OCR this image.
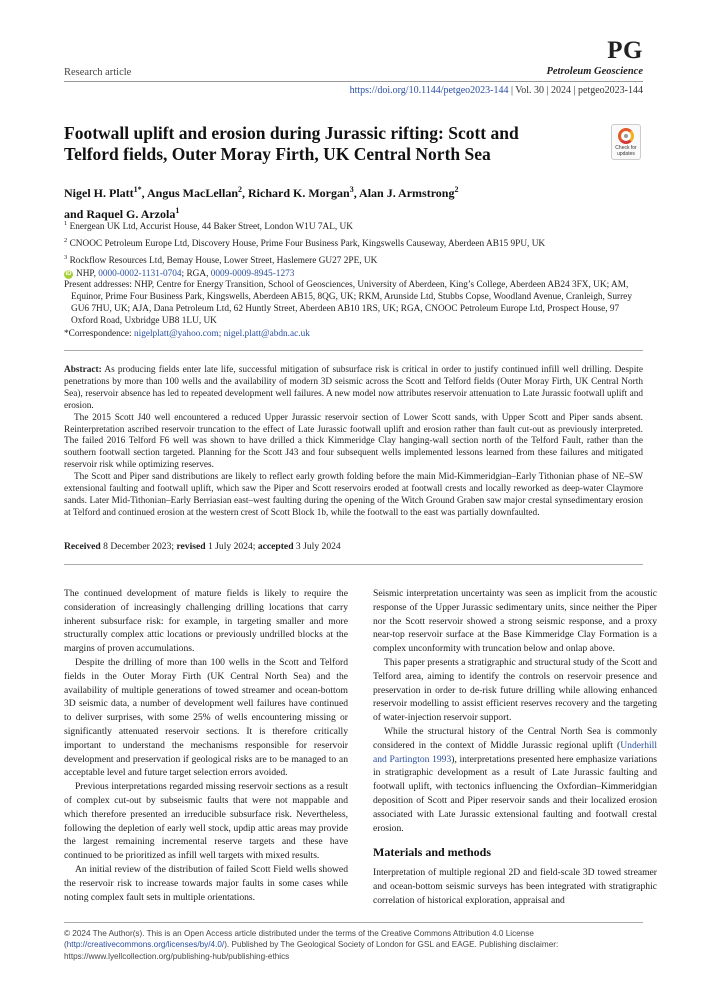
Research article
PG
Petroleum Geoscience
https://doi.org/10.1144/petgeo2023-144 | Vol. 30 | 2024 | petgeo2023-144
Footwall uplift and erosion during Jurassic rifting: Scott and Telford fields, Outer Moray Firth, UK Central North Sea	Check for updates
Nigel H. Platt$^{1*}$, Angus MacLellan$^2$, Richard K. Morgan$^3$, Alan J. Armstrong$^2$
and Raquel G. Arzola$^1$
$^1$ Energean UK Ltd, Accurist House, 44 Baker Street, London W1U 7AL, UK
$^2$ CNOOC Petroleum Europe Ltd, Discovery House, Prime Four Business Park, Kingswells Causeway, Aberdeen AB15 9PU, UK
$^3$ Rockflow Resources Ltd, Bemay House, Lower Street, Haslemere GU27 2PE, UK
iD NHP, 0000-0002-1131-0704; RGA, 0009-0009-8945-1273
Present addresses: NHP, Centre for Energy Transition, School of Geosciences, University of Aberdeen, King’s College, Aberdeen AB24 3FX, UK; AM, Equinor, Prime Four Business Park, Kingswells, Aberdeen AB15, 8QG, UK; RKM, Arunside Ltd, Stubbs Copse, Woodland Avenue, Cranleigh, Surrey GU6 7HU, UK; AJA, Dana Petroleum Ltd, 62 Huntly Street, Aberdeen AB10 1RS, UK; RGA, CNOOC Petroleum Europe Ltd, Prospect House, 97 Oxford Road, Uxbridge UB8 1LU, UK
*Correspondence: nigelplatt@yahoo.com; nigel.platt@abdn.ac.uk

Abstract: As producing fields enter late life, successful mitigation of subsurface risk is critical in order to justify continued infill well drilling. Despite penetrations by more than 100 wells and the availability of modern 3D seismic across the Scott and Telford fields (Outer Moray Firth, UK Central North Sea), reservoir absence has led to repeated development well failures. A new model now attributes reservoir attenuation to Late Jurassic footwall uplift and erosion.

The 2015 Scott J40 well encountered a reduced Upper Jurassic reservoir section of Lower Scott sands, with Upper Scott and Piper sands absent. Reinterpretation ascribed reservoir truncation to the effect of Late Jurassic footwall uplift and erosion rather than fault cut-out as previously interpreted. The failed 2016 Telford F6 well was shown to have drilled a thick Kimmeridge Clay hanging-wall section north of the Telford Fault, rather than the southern footwall section targeted. Planning for the Scott J43 and four subsequent wells implemented lessons learned from these failures and mitigated reservoir risk while optimizing reserves.

The Scott and Piper sand distributions are likely to reflect early growth folding before the main Mid-Kimmeridgian–Early Tithonian phase of NE–SW extensional faulting and footwall uplift, which saw the Piper and Scott reservoirs eroded at footwall crests and locally reworked as deep-water Claymore sands. Later Mid-Tithonian–Early Berriasian east–west faulting during the opening of the Witch Ground Graben saw major crestal synsedimentary erosion at Telford and continued erosion at the western crest of Scott Block 1b, while the footwall to the east was partially downfaulted.

Received 8 December 2023; revised 1 July 2024; accepted 3 July 2024

The continued development of mature fields is likely to require the consideration of increasingly challenging drilling locations that carry inherent subsurface risk: for example, in targeting smaller and more structurally complex attic locations or previously undrilled blocks at the margins of proven accumulations.

Despite the drilling of more than 100 wells in the Scott and Telford fields in the Outer Moray Firth (UK Central North Sea) and the availability of multiple generations of towed streamer and ocean-bottom 3D seismic data, a number of development well failures have continued to deliver surprises, with some 25% of wells encountering missing or significantly attenuated reservoir sections. It is therefore critically important to understand the mechanisms responsible for reservoir development and preservation if geological risks are to be managed to an acceptable level and future target selection errors avoided.

Previous interpretations regarded missing reservoir sections as a result of complex cut-out by subseismic faults that were not mappable and which therefore presented an irreducible subsurface risk. Nevertheless, following the depletion of early well stock, updip attic areas may provide the largest remaining incremental reserve targets and these have continued to be prioritized as infill well targets with mixed results.

An initial review of the distribution of failed Scott Field wells showed the reservoir risk to increase towards major faults in some cases while noting complex fault sets in multiple orientations.

Seismic interpretation uncertainty was seen as implicit from the acoustic response of the Upper Jurassic sedimentary units, since neither the Piper nor the Scott reservoir showed a strong seismic response, and a proxy near-top reservoir surface at the Base Kimmeridge Clay Formation is a complex unconformity with truncation below and onlap above.

This paper presents a stratigraphic and structural study of the Scott and Telford area, aiming to identify the controls on reservoir presence and preservation in order to de-risk future drilling while allowing enhanced reservoir modelling to assist efficient reserves recovery and the targeting of water-injection reservoir support.

While the structural history of the Central North Sea is commonly considered in the context of Middle Jurassic regional uplift (Underhill and Partington 1993), interpretations presented here emphasize variations in stratigraphic development as a result of Late Jurassic faulting and footwall uplift, with tectonics influencing the Oxfordian–Kimmeridgian deposition of Scott and Piper reservoir sands and their localized erosion associated with Late Jurassic extensional faulting and footwall crestal erosion.

Materials and methods

Interpretation of multiple regional 2D and field-scale 3D towed streamer and ocean-bottom seismic surveys has been integrated with stratigraphic correlation of historical exploration, appraisal and

© 2024 The Author(s). This is an Open Access article distributed under the terms of the Creative Commons Attribution 4.0 License (http://creativecommons.org/licenses/by/4.0/). Published by The Geological Society of London for GSL and EAGE. Publishing disclaimer: https://www.lyellcollection.org/publishing-hub/publishing-ethics
